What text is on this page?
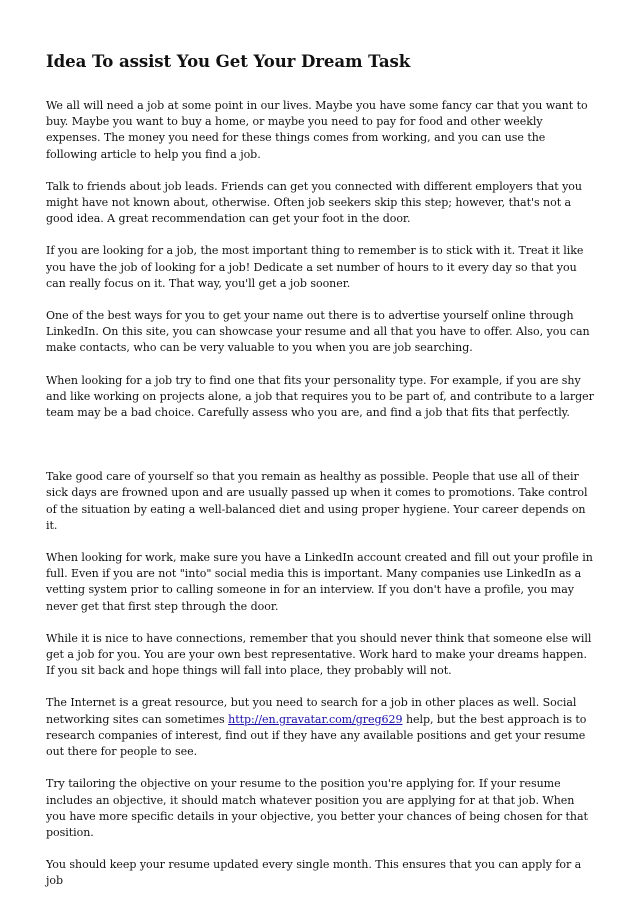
Idea To assist You Get Your Dream Task

We all will need a job at some point in our lives. Maybe you have some fancy car that you want to buy. Maybe you want to buy a home, or maybe you need to pay for food and other weekly expenses. The money you need for these things comes from working, and you can use the following article to help you find a job.

Talk to friends about job leads. Friends can get you connected with different employers that you might have not known about, otherwise. Often job seekers skip this step; however, that's not a good idea. A great recommendation can get your foot in the door.

If you are looking for a job, the most important thing to remember is to stick with it. Treat it like you have the job of looking for a job! Dedicate a set number of hours to it every day so that you can really focus on it. That way, you'll get a job sooner.

One of the best ways for you to get your name out there is to advertise yourself online through LinkedIn. On this site, you can showcase your resume and all that you have to offer. Also, you can make contacts, who can be very valuable to you when you are job searching.

When looking for a job try to find one that fits your personality type. For example, if you are shy and like working on projects alone, a job that requires you to be part of, and contribute to a larger team may be a bad choice. Carefully assess who you are, and find a job that fits that perfectly.

Take good care of yourself so that you remain as healthy as possible. People that use all of their sick days are frowned upon and are usually passed up when it comes to promotions. Take control of the situation by eating a well-balanced diet and using proper hygiene. Your career depends on it.

When looking for work, make sure you have a LinkedIn account created and fill out your profile in full. Even if you are not "into" social media this is important. Many companies use LinkedIn as a vetting system prior to calling someone in for an interview. If you don't have a profile, you may never get that first step through the door.

While it is nice to have connections, remember that you should never think that someone else will get a job for you. You are your own best representative. Work hard to make your dreams happen. If you sit back and hope things will fall into place, they probably will not.

The Internet is a great resource, but you need to search for a job in other places as well. Social networking sites can sometimes http://en.gravatar.com/greg629 help, but the best approach is to research companies of interest, find out if they have any available positions and get your resume out there for people to see.

Try tailoring the objective on your resume to the position you're applying for. If your resume includes an objective, it should match whatever position you are applying for at that job. When you have more specific details in your objective, you better your chances of being chosen for that position.

You should keep your resume updated every single month. This ensures that you can apply for a job
